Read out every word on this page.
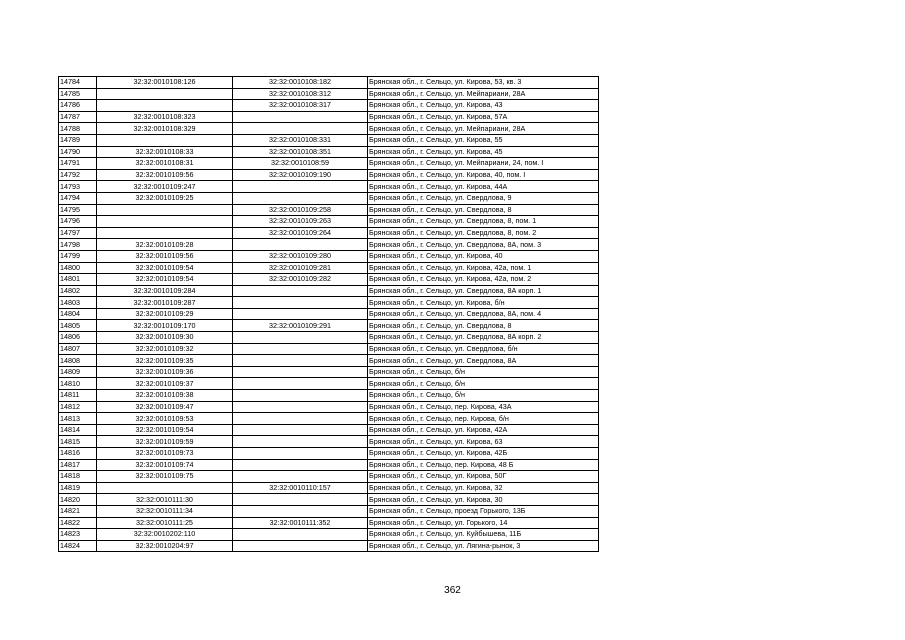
14784	32:32:0010108:126	32:32:0010108:182	Брянская обл., г. Сельцо, ул. Кирова, 53, кв. 3
14785		32:32:0010108:312	Брянская обл., г. Сельцо, ул. Мейпариани, 28А
14786		32:32:0010108:317	Брянская обл., г. Сельцо, ул. Кирова, 43
14787	32:32:0010108:323		Брянская обл., г. Сельцо, ул. Кирова, 57А
14788	32:32:0010108:329		Брянская обл., г. Сельцо, ул. Мейпариани, 28А
14789		32:32:0010108:331	Брянская обл., г. Сельцо, ул. Кирова, 55
14790	32:32:0010108:33	32:32:0010108:351	Брянская обл., г. Сельцо, ул. Кирова, 45
14791	32:32:0010108:31	32:32:0010108:59	Брянская обл., г. Сельцо, ул. Мейпариани, 24, пом. I
14792	32:32:0010109:56	32:32:0010109:190	Брянская обл., г. Сельцо, ул. Кирова, 40, пом. I
14793	32:32:0010109:247		Брянская обл., г. Сельцо, ул. Кирова, 44А
14794	32:32:0010109:25		Брянская обл., г. Сельцо, ул. Свердлова, 9
14795		32:32:0010109:258	Брянская обл., г. Сельцо, ул. Свердлова, 8
14796		32:32:0010109:263	Брянская обл., г. Сельцо, ул. Свердлова, 8, пом. 1
14797		32:32:0010109:264	Брянская обл., г. Сельцо, ул. Свердлова, 8, пом. 2
14798	32:32:0010109:28		Брянская обл., г. Сельцо, ул. Свердлова, 8А, пом. 3
14799	32:32:0010109:56	32:32:0010109:280	Брянская обл., г. Сельцо, ул. Кирова, 40
14800	32:32:0010109:54	32:32:0010109:281	Брянская обл., г. Сельцо, ул. Кирова, 42а, пом. 1
14801	32:32:0010109:54	32:32:0010109:282	Брянская обл., г. Сельцо, ул. Кирова, 42а, пом. 2
14802	32:32:0010109:284		Брянская обл., г. Сельцо, ул. Свердлова, 8А корп. 1
14803	32:32:0010109:287		Брянская обл., г. Сельцо, ул. Кирова, б/н
14804	32:32:0010109:29		Брянская обл., г. Сельцо, ул. Свердлова, 8А, пом. 4
14805	32:32:0010109:170	32:32:0010109:291	Брянская обл., г. Сельцо, ул. Свердлова, 8
14806	32:32:0010109:30		Брянская обл., г. Сельцо, ул. Свердлова, 8А корп. 2
14807	32:32:0010109:32		Брянская обл., г. Сельцо, ул. Свердлова, б/н
14808	32:32:0010109:35		Брянская обл., г. Сельцо, ул. Свердлова, 8А
14809	32:32:0010109:36		Брянская обл., г. Сельцо, б/н
14810	32:32:0010109:37		Брянская обл., г. Сельцо, б/н
14811	32:32:0010109:38		Брянская обл., г. Сельцо, б/н
14812	32:32:0010109:47		Брянская обл., г. Сельцо, пер. Кирова, 43А
14813	32:32:0010109:53		Брянская обл., г. Сельцо, пер. Кирова, б/н
14814	32:32:0010109:54		Брянская обл., г. Сельцо, ул. Кирова, 42А
14815	32:32:0010109:59		Брянская обл., г. Сельцо, ул. Кирова, 63
14816	32:32:0010109:73		Брянская обл., г. Сельцо, ул. Кирова, 42Б
14817	32:32:0010109:74		Брянская обл., г. Сельцо, пер. Кирова, 48 Б
14818	32:32:0010109:75		Брянская обл., г. Сельцо, ул. Кирова, 50Г
14819		32:32:0010110:157	Брянская обл., г. Сельцо, ул. Кирова, 32
14820	32:32:0010111:30		Брянская обл., г. Сельцо, ул. Кирова, 30
14821	32:32:0010111:34		Брянская обл., г. Сельцо, проезд Горького, 13Б
14822	32:32:0010111:25	32:32:0010111:352	Брянская обл., г. Сельцо, ул. Горького, 14
14823	32:32:0010202:110		Брянская обл., г. Сельцо, ул. Куйбышева, 11Б
14824	32:32:0010204:97		Брянская обл., г. Сельцо, ул. Лягина-рынок, 3
362
